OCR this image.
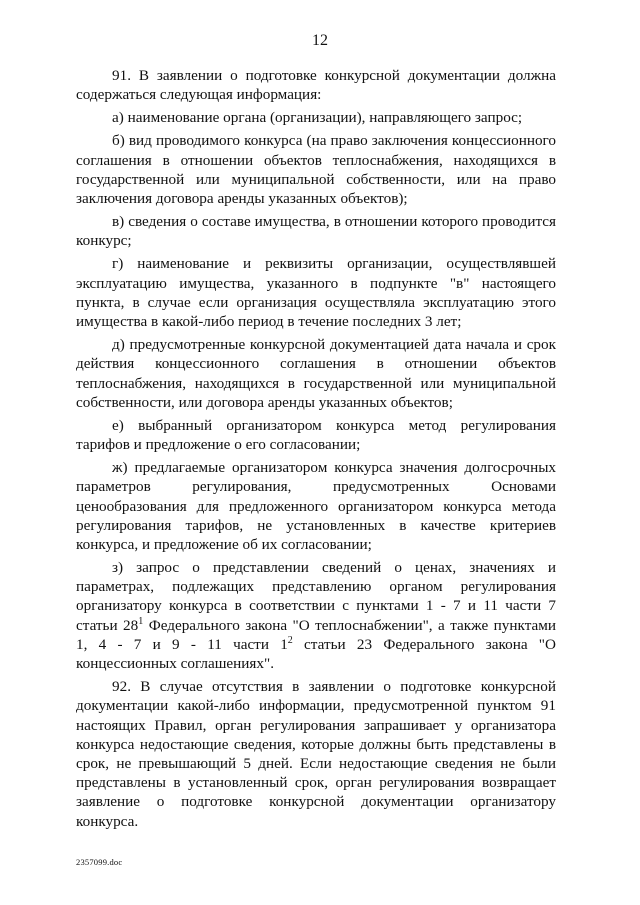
12

91. В заявлении о подготовке конкурсной документации должна содержаться следующая информация:

а) наименование органа (организации), направляющего запрос;

б) вид проводимого конкурса (на право заключения концессионного соглашения в отношении объектов теплоснабжения, находящихся в государственной или муниципальной собственности, или на право заключения договора аренды указанных объектов);

в) сведения о составе имущества, в отношении которого проводится конкурс;

г) наименование и реквизиты организации, осуществлявшей эксплуатацию имущества, указанного в подпункте "в" настоящего пункта, в случае если организация осуществляла эксплуатацию этого имущества в какой-либо период в течение последних 3 лет;

д) предусмотренные конкурсной документацией дата начала и срок действия концессионного соглашения в отношении объектов теплоснабжения, находящихся в государственной или муниципальной собственности, или договора аренды указанных объектов;

е) выбранный организатором конкурса метод регулирования тарифов и предложение о его согласовании;

ж) предлагаемые организатором конкурса значения долгосрочных параметров регулирования, предусмотренных Основами ценообразования для предложенного организатором конкурса метода регулирования тарифов, не установленных в качестве критериев конкурса, и предложение об их согласовании;

з) запрос о представлении сведений о ценах, значениях и параметрах, подлежащих представлению органом регулирования организатору конкурса в соответствии с пунктами 1 - 7 и 11 части 7 статьи $28^1$ Федерального закона "О теплоснабжении", а также пунктами 1, 4 - 7 и 9 - 11 части $1^2$ статьи 23 Федерального закона "О концессионных соглашениях".

92. В случае отсутствия в заявлении о подготовке конкурсной документации какой-либо информации, предусмотренной пунктом 91 настоящих Правил, орган регулирования запрашивает у организатора конкурса недостающие сведения, которые должны быть представлены в срок, не превышающий 5 дней. Если недостающие сведения не были представлены в установленный срок, орган регулирования возвращает заявление о подготовке конкурсной документации организатору конкурса.

2357099.doc
